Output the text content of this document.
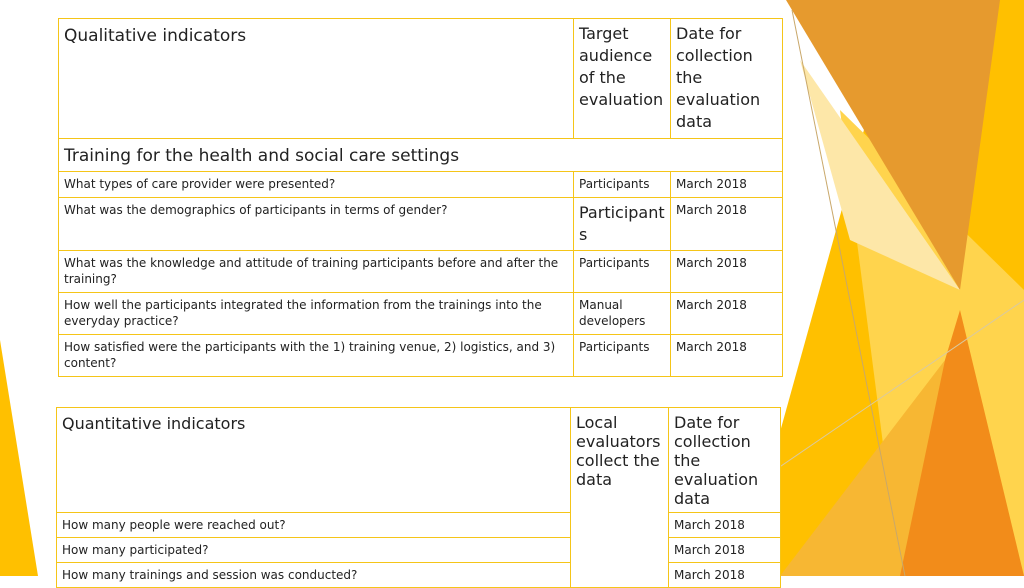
Qualitative indicators	Target audience of the evaluation	Date for collection the evaluation data
Training for the health and social care settings		
What types of care provider were presented?	Participants	March 2018
What was the demographics of participants in terms of gender?	Participants	March 2018
What was the knowledge and attitude of training participants before and after the training?	Participants	March 2018
How well the participants integrated the information from the trainings into the everyday practice?	Manual developers	March 2018
How satisfied were the participants with the 1) training venue, 2) logistics, and 3) content?	Participants	March 2018
Quantitative indicators	Local evaluators collect the data	Date for collection the evaluation data
How many people were reached out?		March 2018
How many participated?		March 2018
How many trainings and session was conducted?		March 2018
